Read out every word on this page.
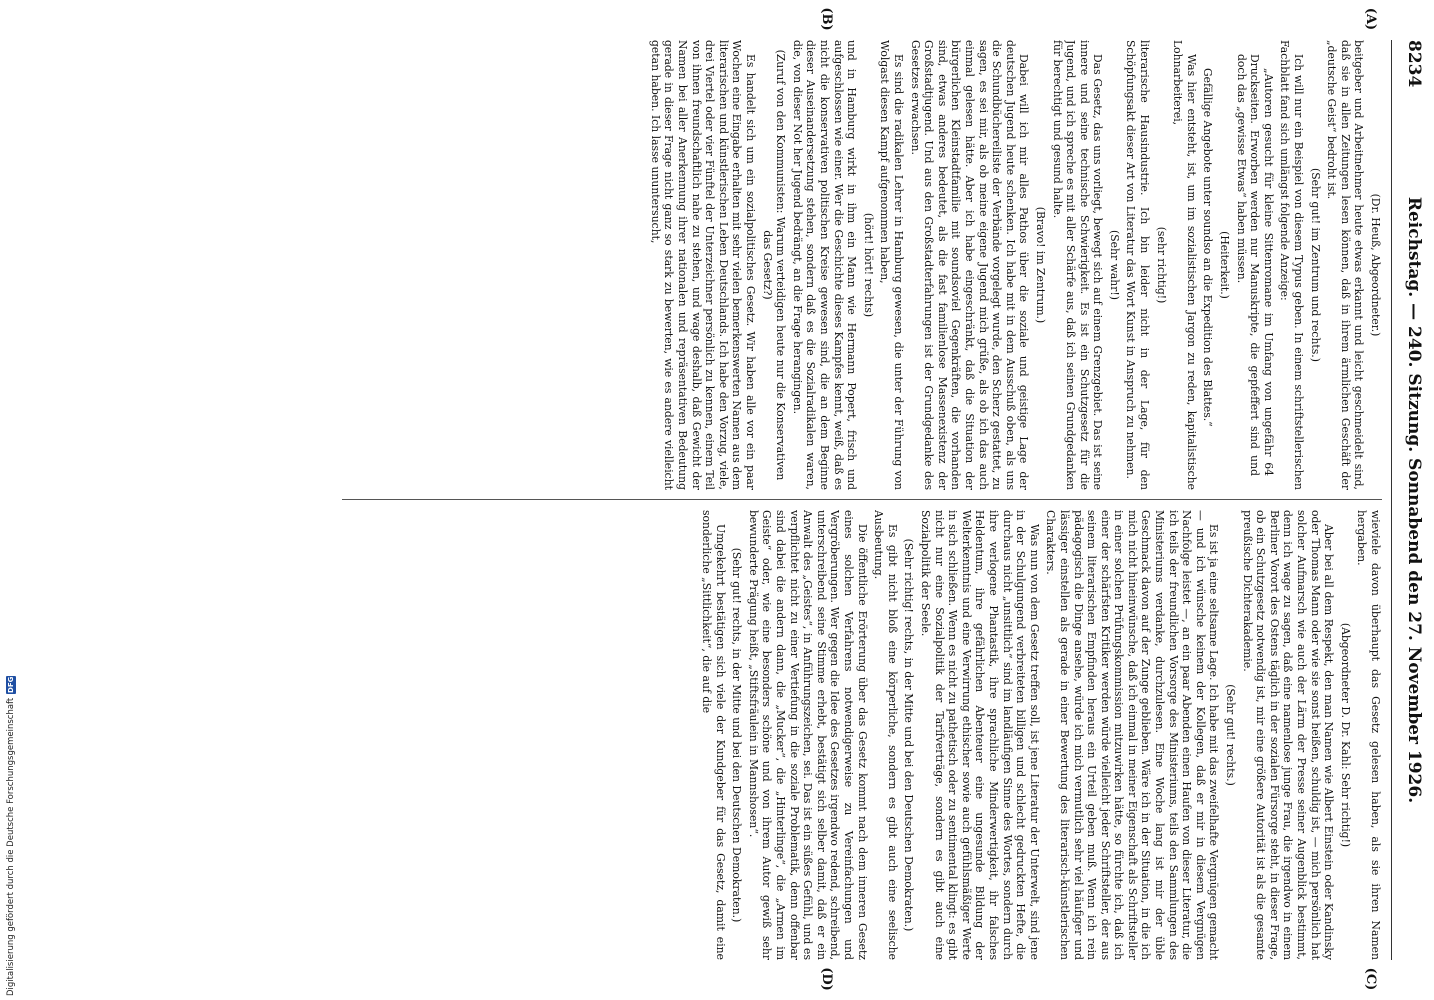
8234
Reichstag. — 240. Sitzung. Sonnabend den 27. November 1926.
(A)
(B)
(C)
(D)

(Dr. Heuß, Abgeordneter.)

beitgeber und Arbeitnehmer heute etwas erkannt und leicht geschmeidelt sind, daß sie in allen Zeitungen lesen können, daß in ihrem ärmlichen Geschäft der „deutsche Geist“ bedroht ist.

(Sehr gut! im Zentrum und rechts.)

Ich will nur ein Beispiel von diesem Typus geben. In einem schriftstellerischen Fachblatt fand sich umlängst folgende Anzeige:

„Autoren gesucht für kleine Sittenromane im Umfang von ungefähr 64 Druckseiten. Erworben werden nur Manuskripte, die gepfeffert sind und doch das „gewisse Etwas“ haben müssen.

(Heiterkeit.)

Gefällige Angebote unter soundso an die Expedition des Blattes.“

Was hier entsteht, ist, um im sozialistischen Jargon zu reden, kapitalistische Lohnarbeiterei,

(sehr richtig!)

literarische Hausindustrie. Ich bin leider nicht in der Lage, für den Schöpfungsakt dieser Art von Literatur das Wort Kunst in Anspruch zu nehmen.

(Sehr wahr!)

Das Gesetz, das uns vorliegt, bewegt sich auf einem Grenzgebiet. Das ist seine innere und seine technische Schwierigkeit. Es ist ein Schutzgesetz für die Jugend, und ich spreche es mit aller Schärfe aus, daß ich seinen Grundgedanken für berechtigt und gesund halte.

(Bravo! im Zentrum.)

Dabei will ich mir alles Pathos über die soziale und geistige Lage der deutschen Jugend heute schenken. Ich habe mit in dem Ausschuß oben, als uns die Schundbüchereiliste der Verbände vorgelegt wurde, den Scherz gestattet, zu sagen, es sei mir, als ob meine eigene Jugend mich grüße, als ob ich das auch einmal gelesen hätte. Aber ich habe eingeschränkt, daß die Situation der bürgerlichen Kleinstadtfamilie mit soundsoviel Gegenkräften, die vorhanden sind, etwas anderes bedeutet, als die fast familienlose Massenexistenz der Großstadtjugend. Und aus den Großstadterfahrungen ist der Grundgedanke des Gesetzes erwachsen.

Es sind die radikalen Lehrer in Hamburg gewesen, die unter der Führung von Wolgast diesen Kampf aufgenommen haben,

(hört! hört! rechts)

und in Hamburg wirkt in ihm ein Mann wie Hermann Popert, frisch und aufgeschlossen wie einer. Wer die Geschichte dieses Kampfes kennt, weiß, daß es nicht die konservativen politischen Kreise gewesen sind, die an dem Beginne dieser Auseinandersetzung stehen, sondern daß es die Sozialradikalen waren, die, von dieser Not her Jugend bedrängt, an die Frage herangingen.

(Zuruf von den Kommunisten: Warum verteidigen heute nur die Konservativen das Gesetz?)

Es handelt sich um ein sozialpolitisches Gesetz. Wir haben alle vor ein paar Wochen eine Eingabe erhalten mit sehr vielen bemerkenswerten Namen aus dem literarischen und künstlerischen Leben Deutschlands. Ich habe den Vorzug, viele, drei Viertel oder vier Fünftel der Unterzeichner persönlich zu kennen, einem Teil von ihnen freundschaftlich nahe zu stehen, und wage deshalb, daß Gewicht der Namen bei aller Anerkennung ihrer nationalen und repräsentativen Bedeutung gerade in dieser Frage nicht ganz so stark zu bewerten, wie es andere vielleicht getan haben. Ich lasse ununtersucht,

wieviele davon überhaupt das Gesetz gelesen haben, als sie ihren Namen hergaben.

(Abgeordneter D. Dr. Kahl: Sehr richtig!)

Aber bei all dem Respekt, den man Namen wie Albert Einstein oder Kandinsky oder Thomas Mann oder wie sie sonst heißen, schuldig ist, — mich persönlich hat solcher Aufmarsch wie auch der Lärm der Presse seiner Augenblick bestimmt, denn ich wage zu sagen, daß eine namenlose junge Frau, die irgendwo in einem Berliner Vorort des Ostens täglich in der sozialen Fürsorge steht, in dieser Frage, ob ein Schutzgesetz notwendig ist, mir eine größere Autorität ist als die gesamte preußische Dichterakademie.

(Sehr gut! rechts.)

Es ist ja eine seltsame Lage. Ich habe mit das zweifelhafte Vergnügen gemacht — und ich wünsche keinem der Kollegen, daß er mir in diesem Vergnügen Nachfolge leistet —, an ein paar Abenden einen Haufen von dieser Literatur, die ich teils der freundlichen Vorsorge des Ministeriums, teils den Sammlungen des Ministeriums verdanke, durchzulesen. Eine Woche lang ist mir der üble Geschmack davon auf der Zunge geblieben. Wäre ich in der Situation, in die ich mich nicht hineinwünsche, daß ich einmal in meiner Eigenschaft als Schriftsteller in einer solchen Prüfungskommission mitzuwirken hätte, so fürchte ich, daß ich einer der schärfsten Kritiker werden würde vielleicht jeder Schriftsteller, der aus seinem literarischen Empfinden heraus ein Urteil geben muß. Wenn ich rein pädagogisch die Dinge ansehe, würde ich mich vermutlich sehr viel häufiger und lässiger einstellen als gerade in einer Bewertung des literarisch-künstlerischen Charakters.

Was nun von dem Gesetz treffen soll, ist jene Literatur der Unterwelt, sind jene in der Schulgungend verbreiteten billigen und schlecht gedruckten Hefte, die durchaus nicht „unsittlich“ sind im landläufigen Sinne des Wortes, sondern durch ihre verlogene Phantastik, ihre sprachliche Minderwertigkeit, ihr falsches Heldentum, ihre gefährlichen Abenteuer eine ungesunde Bildung der Welterkenntnis und eine Verwirrung ethischer sowie auch gefühlsmäßiger Werte in sich schließen. Wenn es nicht zu pathetisch oder zu sentimental klingt: es gibt nicht nur eine Sozialpolitik der Tarifverträge, sondern es gibt auch eine Sozialpolitik der Seele.

(Sehr richtig! rechts, in der Mitte und bei den Deutschen Demokraten.)

Es gibt nicht bloß eine körperliche, sondern es gibt auch eine seelische Ausbeutung.

Die öffentliche Erörterung über das Gesetz kommt nach dem inneren Gesetz eines solchen Verfahrens notwendigerweise zu Vereinfachungen und Vergröberungen. Wer gegen die Idee des Gesetzes irgendwo redend, schreibend, unterschreibend seine Stimme erhebt, bestätigt sich selber damit, daß er ein Anwalt des „Geistes“, in Anführungszeichen, sei. Das ist ein süßes Gefühl, und es verpflichtet nicht zu einer Vertiefung in die soziale Problematik, denn offenbar sind dabei die andern dann, die „Mucker“, die „Hinterlinge“, die „Armen im Geiste“ oder, wie eine besonders schöne und von ihrem Autor gewiß sehr bewunderte Prägung heißt, „Stiftsfräulein in Mannshosen“.

(Sehr gut! rechts, in der Mitte und bei den Deutschen Demokraten.)

Umgekehrt bestätigen sich viele der Kundgeber für das Gesetz, damit eine sonderliche „Sittlichkeit“, die auf die

Digitalisierung gefördert durch die Deutsche Forschungsgemeinschaft
DFG
